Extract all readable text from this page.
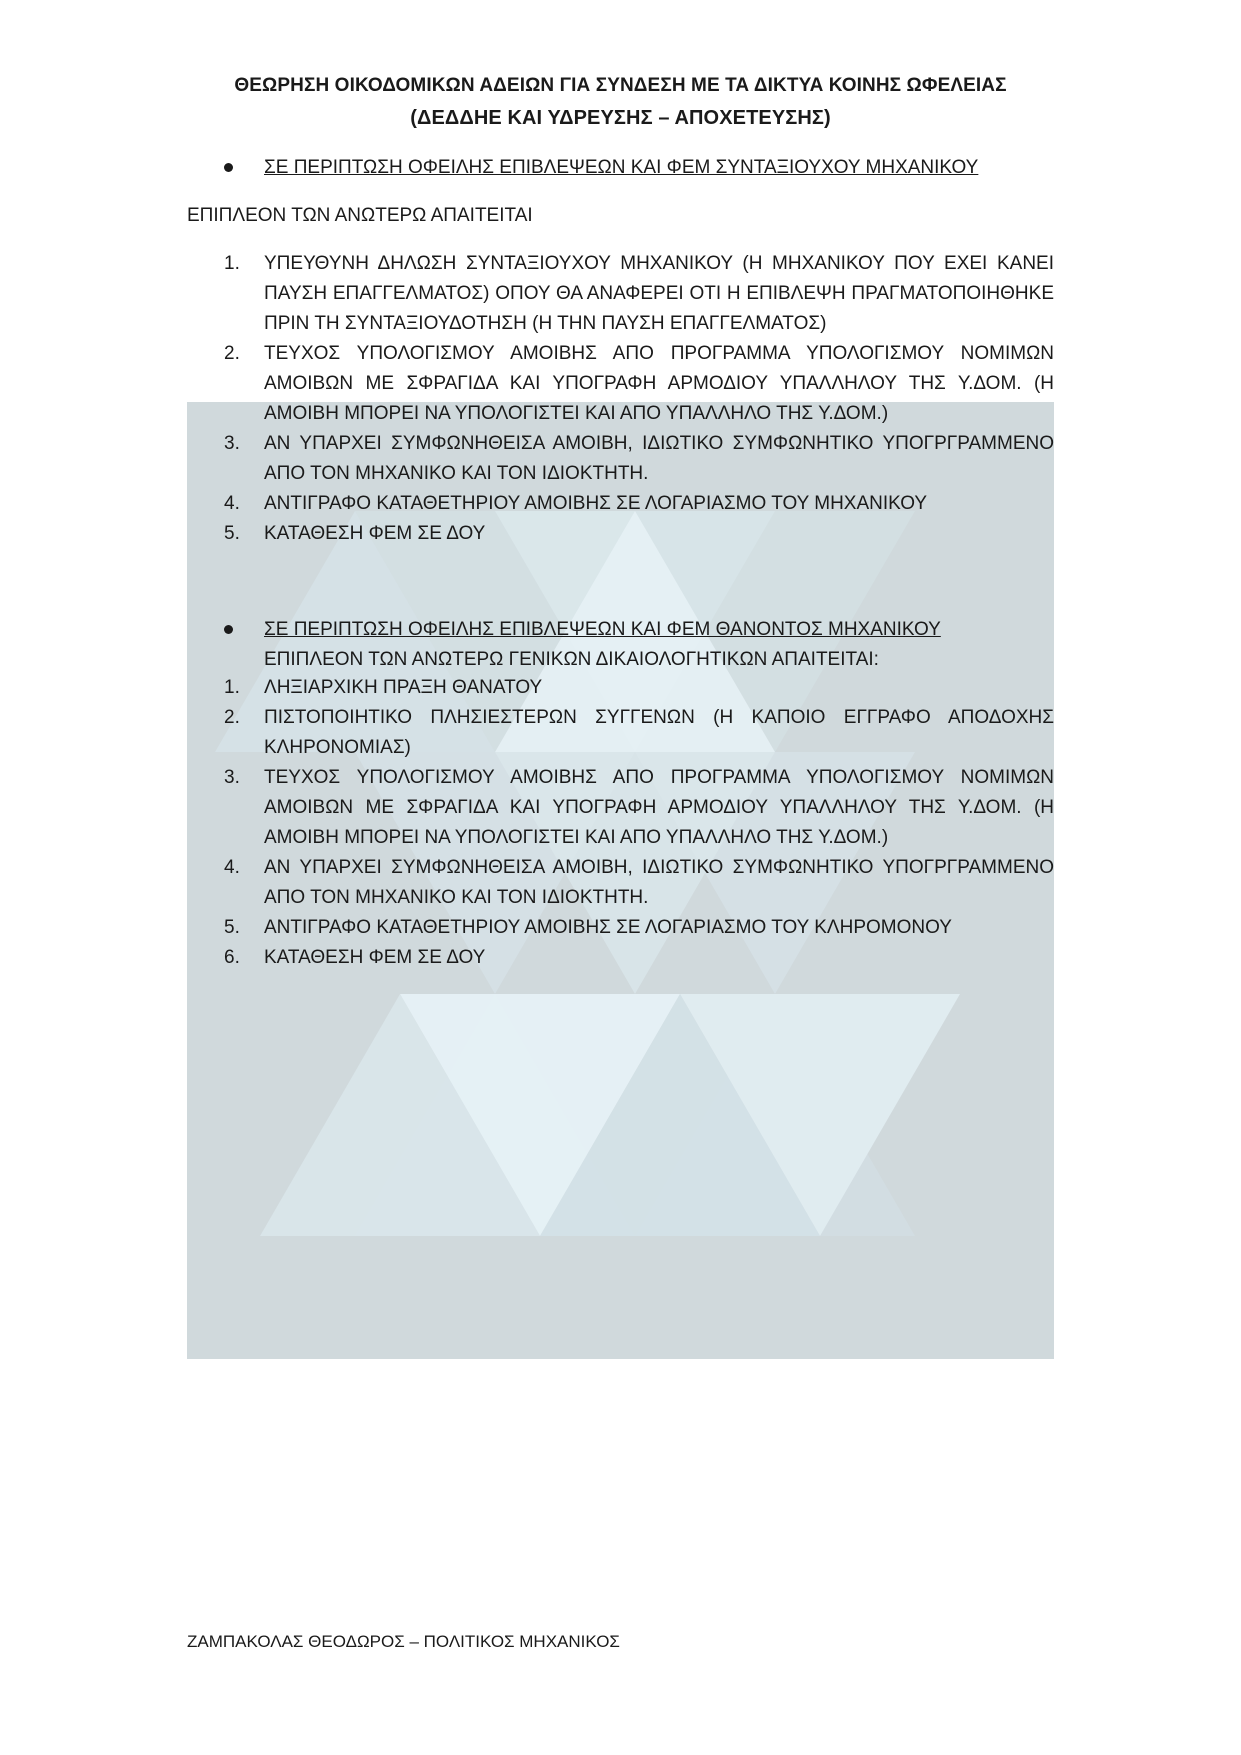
ΘΕΩΡΗΣΗ ΟΙΚΟΔΟΜΙΚΩΝ ΑΔΕΙΩΝ ΓΙΑ ΣΥΝΔΕΣΗ ΜΕ ΤΑ ΔΙΚΤΥΑ ΚΟΙΝΗΣ ΩΦΕΛΕΙΑΣ
(ΔΕΔΔΗΕ ΚΑΙ ΥΔΡΕΥΣΗΣ – ΑΠΟΧΕΤΕΥΣΗΣ)
ΣΕ ΠΕΡΙΠΤΩΣΗ ΟΦΕΙΛΗΣ ΕΠΙΒΛΕΨΕΩΝ ΚΑΙ ΦΕΜ ΣΥΝΤΑΞΙΟΥΧΟΥ ΜΗΧΑΝΙΚΟΥ
ΕΠΙΠΛΕΟΝ ΤΩΝ ΑΝΩΤΕΡΩ ΑΠΑΙΤΕΙΤΑΙ
1. ΥΠΕΥΘΥΝΗ ΔΗΛΩΣΗ ΣΥΝΤΑΞΙΟΥΧΟΥ ΜΗΧΑΝΙΚΟΥ (Η ΜΗΧΑΝΙΚΟΥ ΠΟΥ ΕΧΕΙ ΚΑΝΕΙ ΠΑΥΣΗ ΕΠΑΓΓΕΛΜΑΤΟΣ) ΟΠΟΥ ΘΑ ΑΝΑΦΕΡΕΙ ΟΤΙ Η ΕΠΙΒΛΕΨΗ ΠΡΑΓΜΑΤΟΠΟΙΗΘΗΚΕ ΠΡΙΝ ΤΗ ΣΥΝΤΑΞΙΟΥΔΟΤΗΣΗ (Η ΤΗΝ ΠΑΥΣΗ ΕΠΑΓΓΕΛΜΑΤΟΣ)
2. ΤΕΥΧΟΣ ΥΠΟΛΟΓΙΣΜΟΥ ΑΜΟΙΒΗΣ ΑΠΟ ΠΡΟΓΡΑΜΜΑ ΥΠΟΛΟΓΙΣΜΟΥ ΝΟΜΙΜΩΝ ΑΜΟΙΒΩΝ ΜΕ ΣΦΡΑΓΙΔΑ ΚΑΙ ΥΠΟΓΡΑΦΗ ΑΡΜΟΔΙΟΥ ΥΠΑΛΛΗΛΟΥ ΤΗΣ Υ.ΔΟΜ. (Η ΑΜΟΙΒΗ ΜΠΟΡΕΙ ΝΑ ΥΠΟΛΟΓΙΣΤΕΙ ΚΑΙ ΑΠΟ ΥΠΑΛΛΗΛΟ ΤΗΣ Υ.ΔΟΜ.)
3. ΑΝ ΥΠΑΡΧΕΙ ΣΥΜΦΩΝΗΘΕΙΣΑ ΑΜΟΙΒΗ, ΙΔΙΩΤΙΚΟ ΣΥΜΦΩΝΗΤΙΚΟ ΥΠΟΓΡΓΡΑΜΜΕΝΟ ΑΠΟ ΤΟΝ ΜΗΧΑΝΙΚΟ ΚΑΙ ΤΟΝ ΙΔΙΟΚΤΗΤΗ.
4. ΑΝΤΙΓΡΑΦΟ ΚΑΤΑΘΕΤΗΡΙΟΥ ΑΜΟΙΒΗΣ ΣΕ ΛΟΓΑΡΙΑΣΜΟ ΤΟΥ ΜΗΧΑΝΙΚΟΥ
5. ΚΑΤΑΘΕΣΗ ΦΕΜ ΣΕ ΔΟΥ
ΣΕ ΠΕΡΙΠΤΩΣΗ ΟΦΕΙΛΗΣ ΕΠΙΒΛΕΨΕΩΝ ΚΑΙ ΦΕΜ ΘΑΝΟΝΤΟΣ ΜΗΧΑΝΙΚΟΥ
ΕΠΙΠΛΕΟΝ ΤΩΝ ΑΝΩΤΕΡΩ ΓΕΝΙΚΩΝ ΔΙΚΑΙΟΛΟΓΗΤΙΚΩΝ ΑΠΑΙΤΕΙΤΑΙ:
1. ΛΗΞΙΑΡΧΙΚΗ ΠΡΑΞΗ ΘΑΝΑΤΟΥ
2. ΠΙΣΤΟΠΟΙΗΤΙΚΟ ΠΛΗΣΙΕΣΤΕΡΩΝ ΣΥΓΓΕΝΩΝ (Η ΚΑΠΟΙΟ ΕΓΓΡΑΦΟ ΑΠΟΔΟΧΗΣ ΚΛΗΡΟΝΟΜΙΑΣ)
3. ΤΕΥΧΟΣ ΥΠΟΛΟΓΙΣΜΟΥ ΑΜΟΙΒΗΣ ΑΠΟ ΠΡΟΓΡΑΜΜΑ ΥΠΟΛΟΓΙΣΜΟΥ ΝΟΜΙΜΩΝ ΑΜΟΙΒΩΝ ΜΕ ΣΦΡΑΓΙΔΑ ΚΑΙ ΥΠΟΓΡΑΦΗ ΑΡΜΟΔΙΟΥ ΥΠΑΛΛΗΛΟΥ ΤΗΣ Υ.ΔΟΜ. (Η ΑΜΟΙΒΗ ΜΠΟΡΕΙ ΝΑ ΥΠΟΛΟΓΙΣΤΕΙ ΚΑΙ ΑΠΟ ΥΠΑΛΛΗΛΟ ΤΗΣ Υ.ΔΟΜ.)
4. ΑΝ ΥΠΑΡΧΕΙ ΣΥΜΦΩΝΗΘΕΙΣΑ ΑΜΟΙΒΗ, ΙΔΙΩΤΙΚΟ ΣΥΜΦΩΝΗΤΙΚΟ ΥΠΟΓΡΓΡΑΜΜΕΝΟ ΑΠΟ ΤΟΝ ΜΗΧΑΝΙΚΟ ΚΑΙ ΤΟΝ ΙΔΙΟΚΤΗΤΗ.
5. ΑΝΤΙΓΡΑΦΟ ΚΑΤΑΘΕΤΗΡΙΟΥ ΑΜΟΙΒΗΣ ΣΕ ΛΟΓΑΡΙΑΣΜΟ ΤΟΥ ΚΛΗΡΟΜΟΝΟΥ
6. ΚΑΤΑΘΕΣΗ ΦΕΜ ΣΕ ΔΟΥ
ΖΑΜΠΑΚΟΛΑΣ ΘΕΟΔΩΡΟΣ – ΠΟΛΙΤΙΚΟΣ ΜΗΧΑΝΙΚΟΣ
